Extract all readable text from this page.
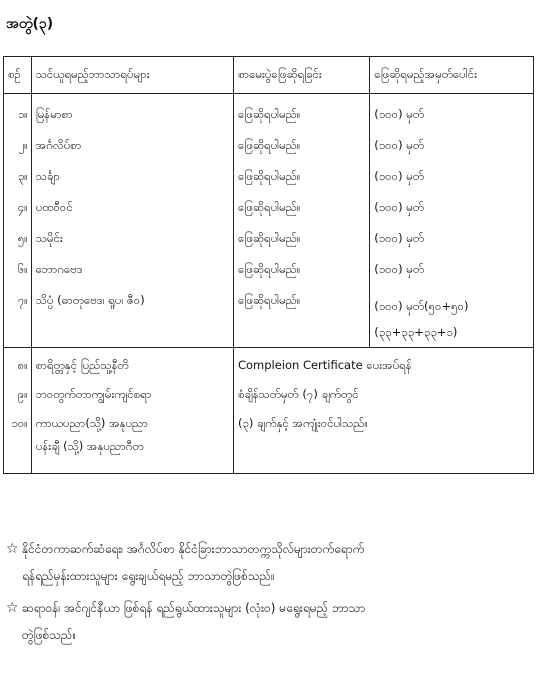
အတွဲ(၃)
စဉ်	သင်ယူရမည့်ဘာသာရပ်များ	စာမေးပွဲဖြေဆိုရခြင်း	ဖြေဆိုရမည့်အမှတ်ပေါင်း
၁။	မြန်မာစာ	ဖြေဆိုရပါမည်။	(၁၀၀) မှတ်
၂။	အင်္ဂလိပ်စာ	ဖြေဆိုရပါမည်။	(၁၀၀) မှတ်
၃။	သင်္ချာ	ဖြေဆိုရပါမည်။	(၁၀၀) မှတ်
၄။	ပထဝီဝင်	ဖြေဆိုရပါမည်။	(၁၀၀) မှတ်
၅။	သမိုင်း	ဖြေဆိုရပါမည်။	(၁၀၀) မှတ်
၆။	ဘောဂဗေဒ	ဖြေဆိုရပါမည်။	(၁၀၀) မှတ်
၇။	သိပ္ပံ (ဓာတုဗေဒ၊ ရူပ၊ ဇီဝ)	ဖြေဆိုရပါမည်။	(၁၀၀) မှတ်(၅၀+၅၀)
(၃၃+၃၃+၃၃+၁)

၈။	စာရိတ္တနှင့် ပြည်သူ့နီတိ	Compleion Certificate ပေးအပ်ရန်	
၉။	ဘဝတွက်တာကျွမ်းကျင်စရာ	စံချိန်သတ်မှတ် (၇) ချက်တွင်	
၁၀။	ကာယပညာ(သို့) အနုပညာ	(၃) ချက်နှင့် အကျုံးဝင်ပါသည်။	
	ပန်းချီ (သို့) အနုပညာဂီတ		
☆ နိုင်ငံတကာဆက်ဆံရေး၊ အင်္ဂလိပ်စာ နိုင်ငံခြားဘာသာတက္ကသိုလ်များတက်ရောက်
ရန်ရည်မှန်းထားသူများ ရွေးချယ်ရမည့် ဘာသာတွဲဖြစ်သည်။
☆ ဆရာဝန်၊ အင်ဂျင်နီယာ ဖြစ်ရန် ရည်ရွယ်ထားသူများ (လုံးဝ) မရွေးရမည့် ဘာသာ
တွဲဖြစ်သည်။
